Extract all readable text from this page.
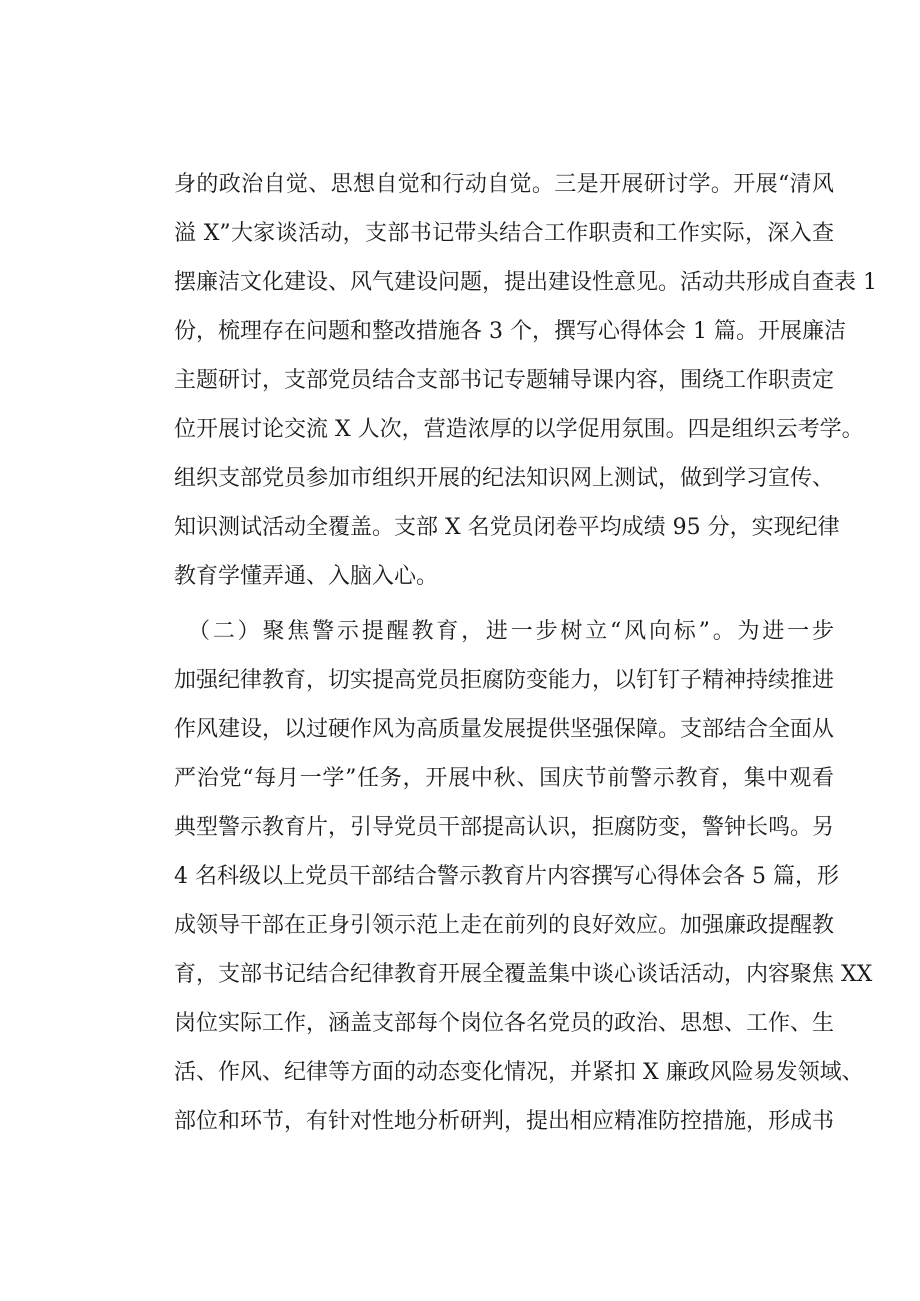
身的政治自觉、思想自觉和行动自觉。三是开展研讨学。开展“清风
溢 X”大家谈活动，支部书记带头结合工作职责和工作实际，深入查
摆廉洁文化建设、风气建设问题，提出建设性意见。活动共形成自查表 1
份，梳理存在问题和整改措施各 3 个，撰写心得体会 1 篇。开展廉洁
主题研讨，支部党员结合支部书记专题辅导课内容，围绕工作职责定
位开展讨论交流 X 人次，营造浓厚的以学促用氛围。四是组织云考学。
组织支部党员参加市组织开展的纪法知识网上测试，做到学习宣传、
知识测试活动全覆盖。支部 X 名党员闭卷平均成绩 95 分，实现纪律
教育学懂弄通、入脑入心。
（二）聚焦警示提醒教育，进一步树立“风向标”。为进一步
加强纪律教育，切实提高党员拒腐防变能力，以钉钉子精神持续推进
作风建设，以过硬作风为高质量发展提供坚强保障。支部结合全面从
严治党“每月一学”任务，开展中秋、国庆节前警示教育，集中观看
典型警示教育片，引导党员干部提高认识，拒腐防变，警钟长鸣。另
4 名科级以上党员干部结合警示教育片内容撰写心得体会各 5 篇，形
成领导干部在正身引领示范上走在前列的良好效应。加强廉政提醒教
育，支部书记结合纪律教育开展全覆盖集中谈心谈话活动，内容聚焦 XX
岗位实际工作，涵盖支部每个岗位各名党员的政治、思想、工作、生
活、作风、纪律等方面的动态变化情况，并紧扣 X 廉政风险易发领域、
部位和环节，有针对性地分析研判，提出相应精准防控措施，形成书
